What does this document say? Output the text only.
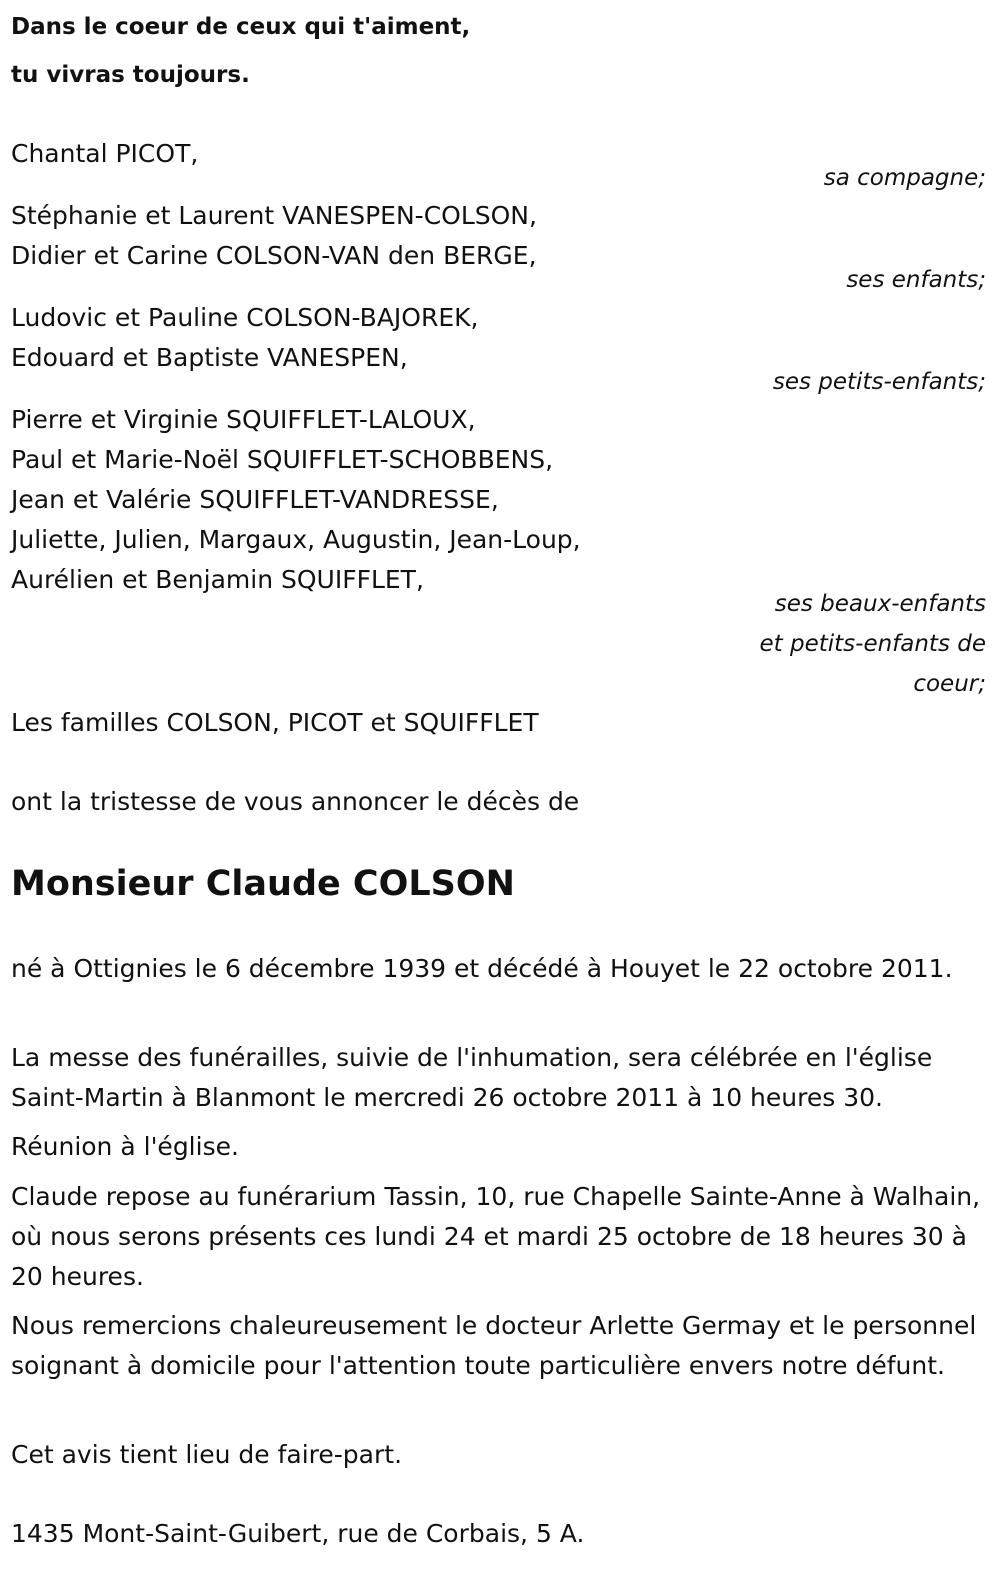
Dans le coeur de ceux qui t'aiment,

tu vivras toujours.

Chantal PICOT,

sa compagne;

Stéphanie et Laurent VANESPEN-COLSON,

Didier et Carine COLSON-VAN den BERGE,

ses enfants;

Ludovic et Pauline COLSON-BAJOREK,

Edouard et Baptiste VANESPEN,

ses petits-enfants;

Pierre et Virginie SQUIFFLET-LALOUX,

Paul et Marie-Noël SQUIFFLET-SCHOBBENS,

Jean et Valérie SQUIFFLET-VANDRESSE,

Juliette, Julien, Margaux, Augustin, Jean-Loup,

Aurélien et Benjamin SQUIFFLET,

ses beaux-enfants

et petits-enfants de

coeur;

Les familles COLSON, PICOT et SQUIFFLET

ont la tristesse de vous annoncer le décès de

Monsieur Claude COLSON

né à Ottignies le 6 décembre 1939 et décédé à Houyet le 22 octobre 2011.

La messe des funérailles, suivie de l'inhumation, sera célébrée en l'église Saint-Martin à Blanmont le mercredi 26 octobre 2011 à 10 heures 30.

Réunion à l'église.

Claude repose au funérarium Tassin, 10, rue Chapelle Sainte-Anne à Walhain, où nous serons présents ces lundi 24 et mardi 25 octobre de 18 heures 30 à 20 heures.

Nous remercions chaleureusement le docteur Arlette Germay et le personnel soignant à domicile pour l'attention toute particulière envers notre défunt.

Cet avis tient lieu de faire-part.

1435 Mont-Saint-Guibert, rue de Corbais, 5 A.
